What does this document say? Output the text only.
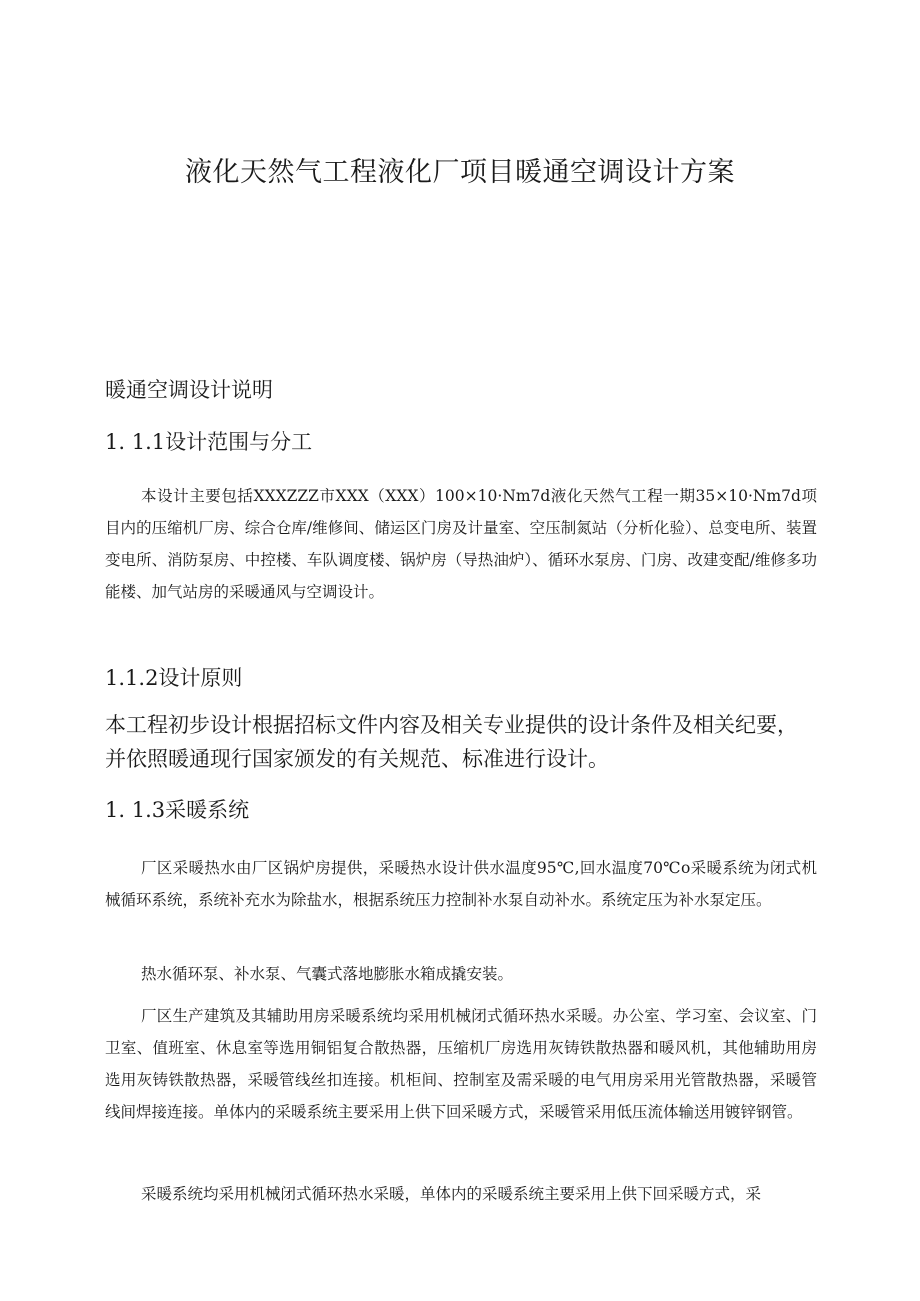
液化天然气工程液化厂项目暖通空调设计方案
暖通空调设计说明
1. 1.1设计范围与分工
本设计主要包括XXXZZZ市XXX（XXX）100×10·Nm7d液化天然气工程一期35×10·Nm7d项目内的压缩机厂房、综合仓库/维修间、储运区门房及计量室、空压制氮站（分析化验）、总变电所、装置变电所、消防泵房、中控楼、车队调度楼、锅炉房（导热油炉）、循环水泵房、门房、改建变配/维修多功能楼、加气站房的采暖通风与空调设计。
1.1.2设计原则
本工程初步设计根据招标文件内容及相关专业提供的设计条件及相关纪要，并依照暖通现行国家颁发的有关规范、标准进行设计。
1. 1.3采暖系统
厂区采暖热水由厂区锅炉房提供，采暖热水设计供水温度95℃,回水温度70℃o采暖系统为闭式机械循环系统，系统补充水为除盐水，根据系统压力控制补水泵自动补水。系统定压为补水泵定压。
热水循环泵、补水泵、气囊式落地膨胀水箱成撬安装。
厂区生产建筑及其辅助用房采暖系统均采用机械闭式循环热水采暖。办公室、学习室、会议室、门卫室、值班室、休息室等选用铜铝复合散热器，压缩机厂房选用灰铸铁散热器和暖风机，其他辅助用房选用灰铸铁散热器，采暖管线丝扣连接。机柜间、控制室及需采暖的电气用房采用光管散热器，采暖管线间焊接连接。单体内的采暖系统主要采用上供下回采暖方式，采暖管采用低压流体输送用镀锌钢管。
采暖系统均采用机械闭式循环热水采暖，单体内的采暖系统主要采用上供下回采暖方式，采
